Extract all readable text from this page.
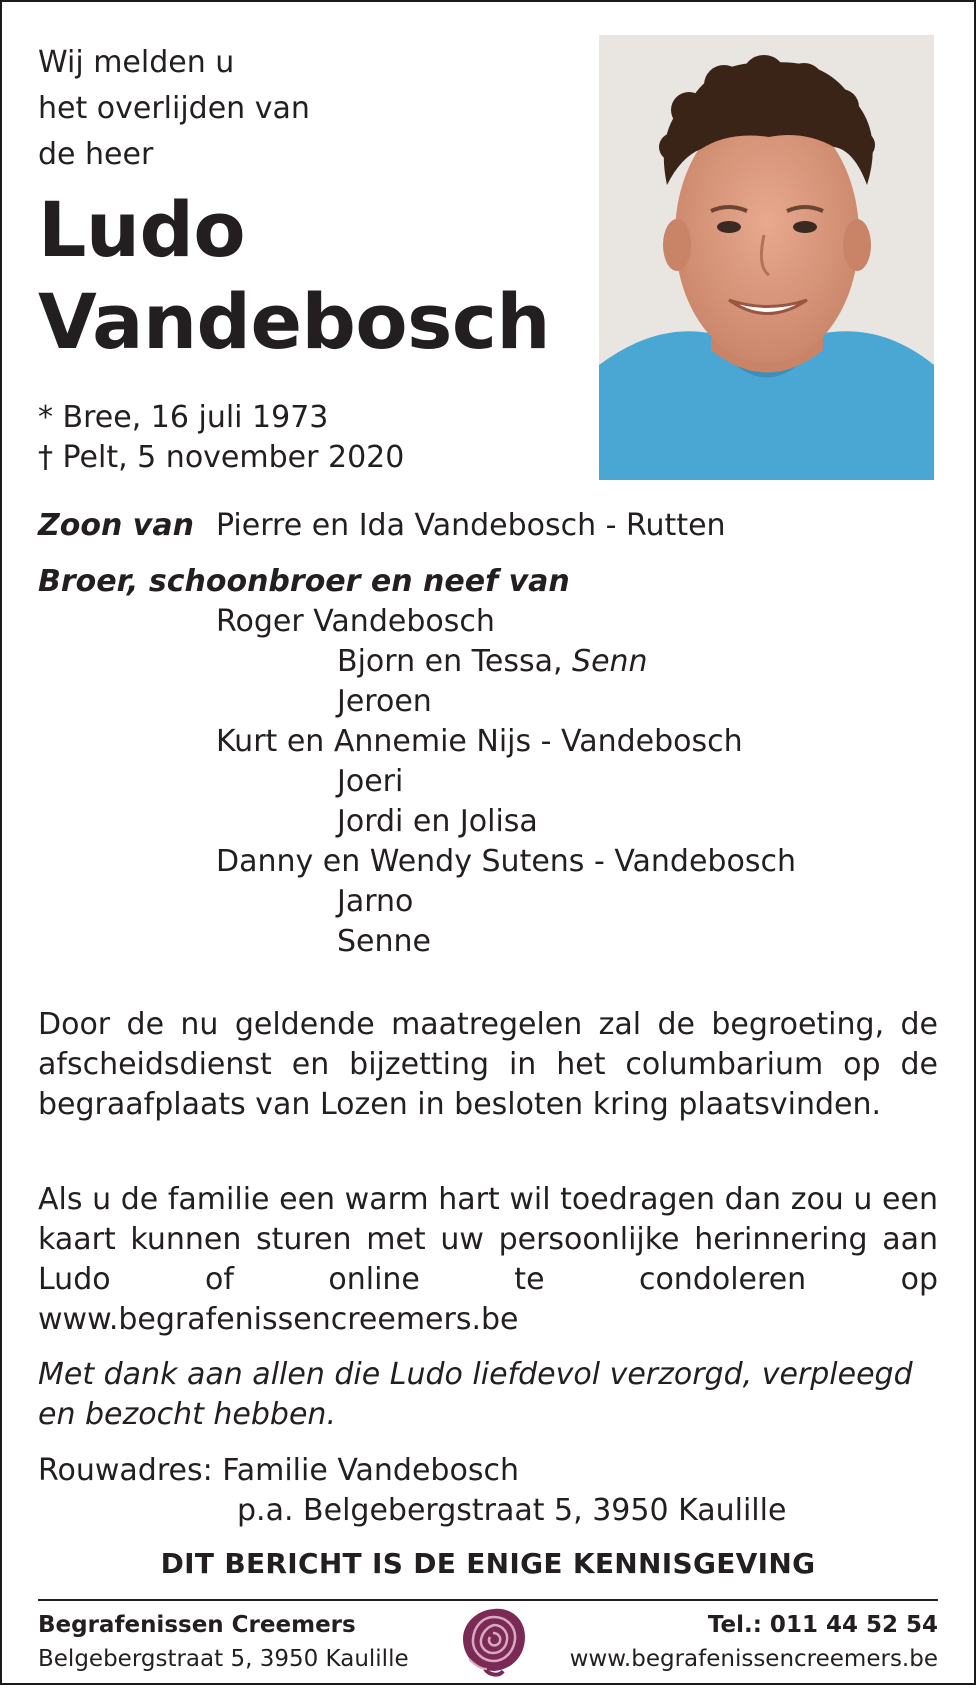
Wij melden u
het overlijden van
de heer
Ludo
Vandebosch
* Bree, 16 juli 1973
† Pelt, 5 november 2020
Zoon van Pierre en Ida Vandebosch - Rutten
Broer, schoonbroer en neef van
Roger Vandebosch
Bjorn en Tessa, Senn
Jeroen
Kurt en Annemie Nijs - Vandebosch
Joeri
Jordi en Jolisa
Danny en Wendy Sutens - Vandebosch
Jarno
Senne
Door de nu geldende maatregelen zal de begroeting, de afscheidsdienst en bijzetting in het columbarium op de begraafplaats van Lozen in besloten kring plaatsvinden.
Als u de familie een warm hart wil toedragen dan zou u een kaart kunnen sturen met uw persoonlijke herinnering aan Ludo of online te condoleren op www.begrafenissencreemers.be
Met dank aan allen die Ludo liefdevol verzorgd, verpleegd en bezocht hebben.
Rouwadres: Familie Vandebosch
p.a. Belgebergstraat 5, 3950 Kaulille
DIT BERICHT IS DE ENIGE KENNISGEVING
Begrafenissen Creemers
Belgebergstraat 5, 3950 Kaulille
Tel.: 011 44 52 54
www.begrafenissencreemers.be
